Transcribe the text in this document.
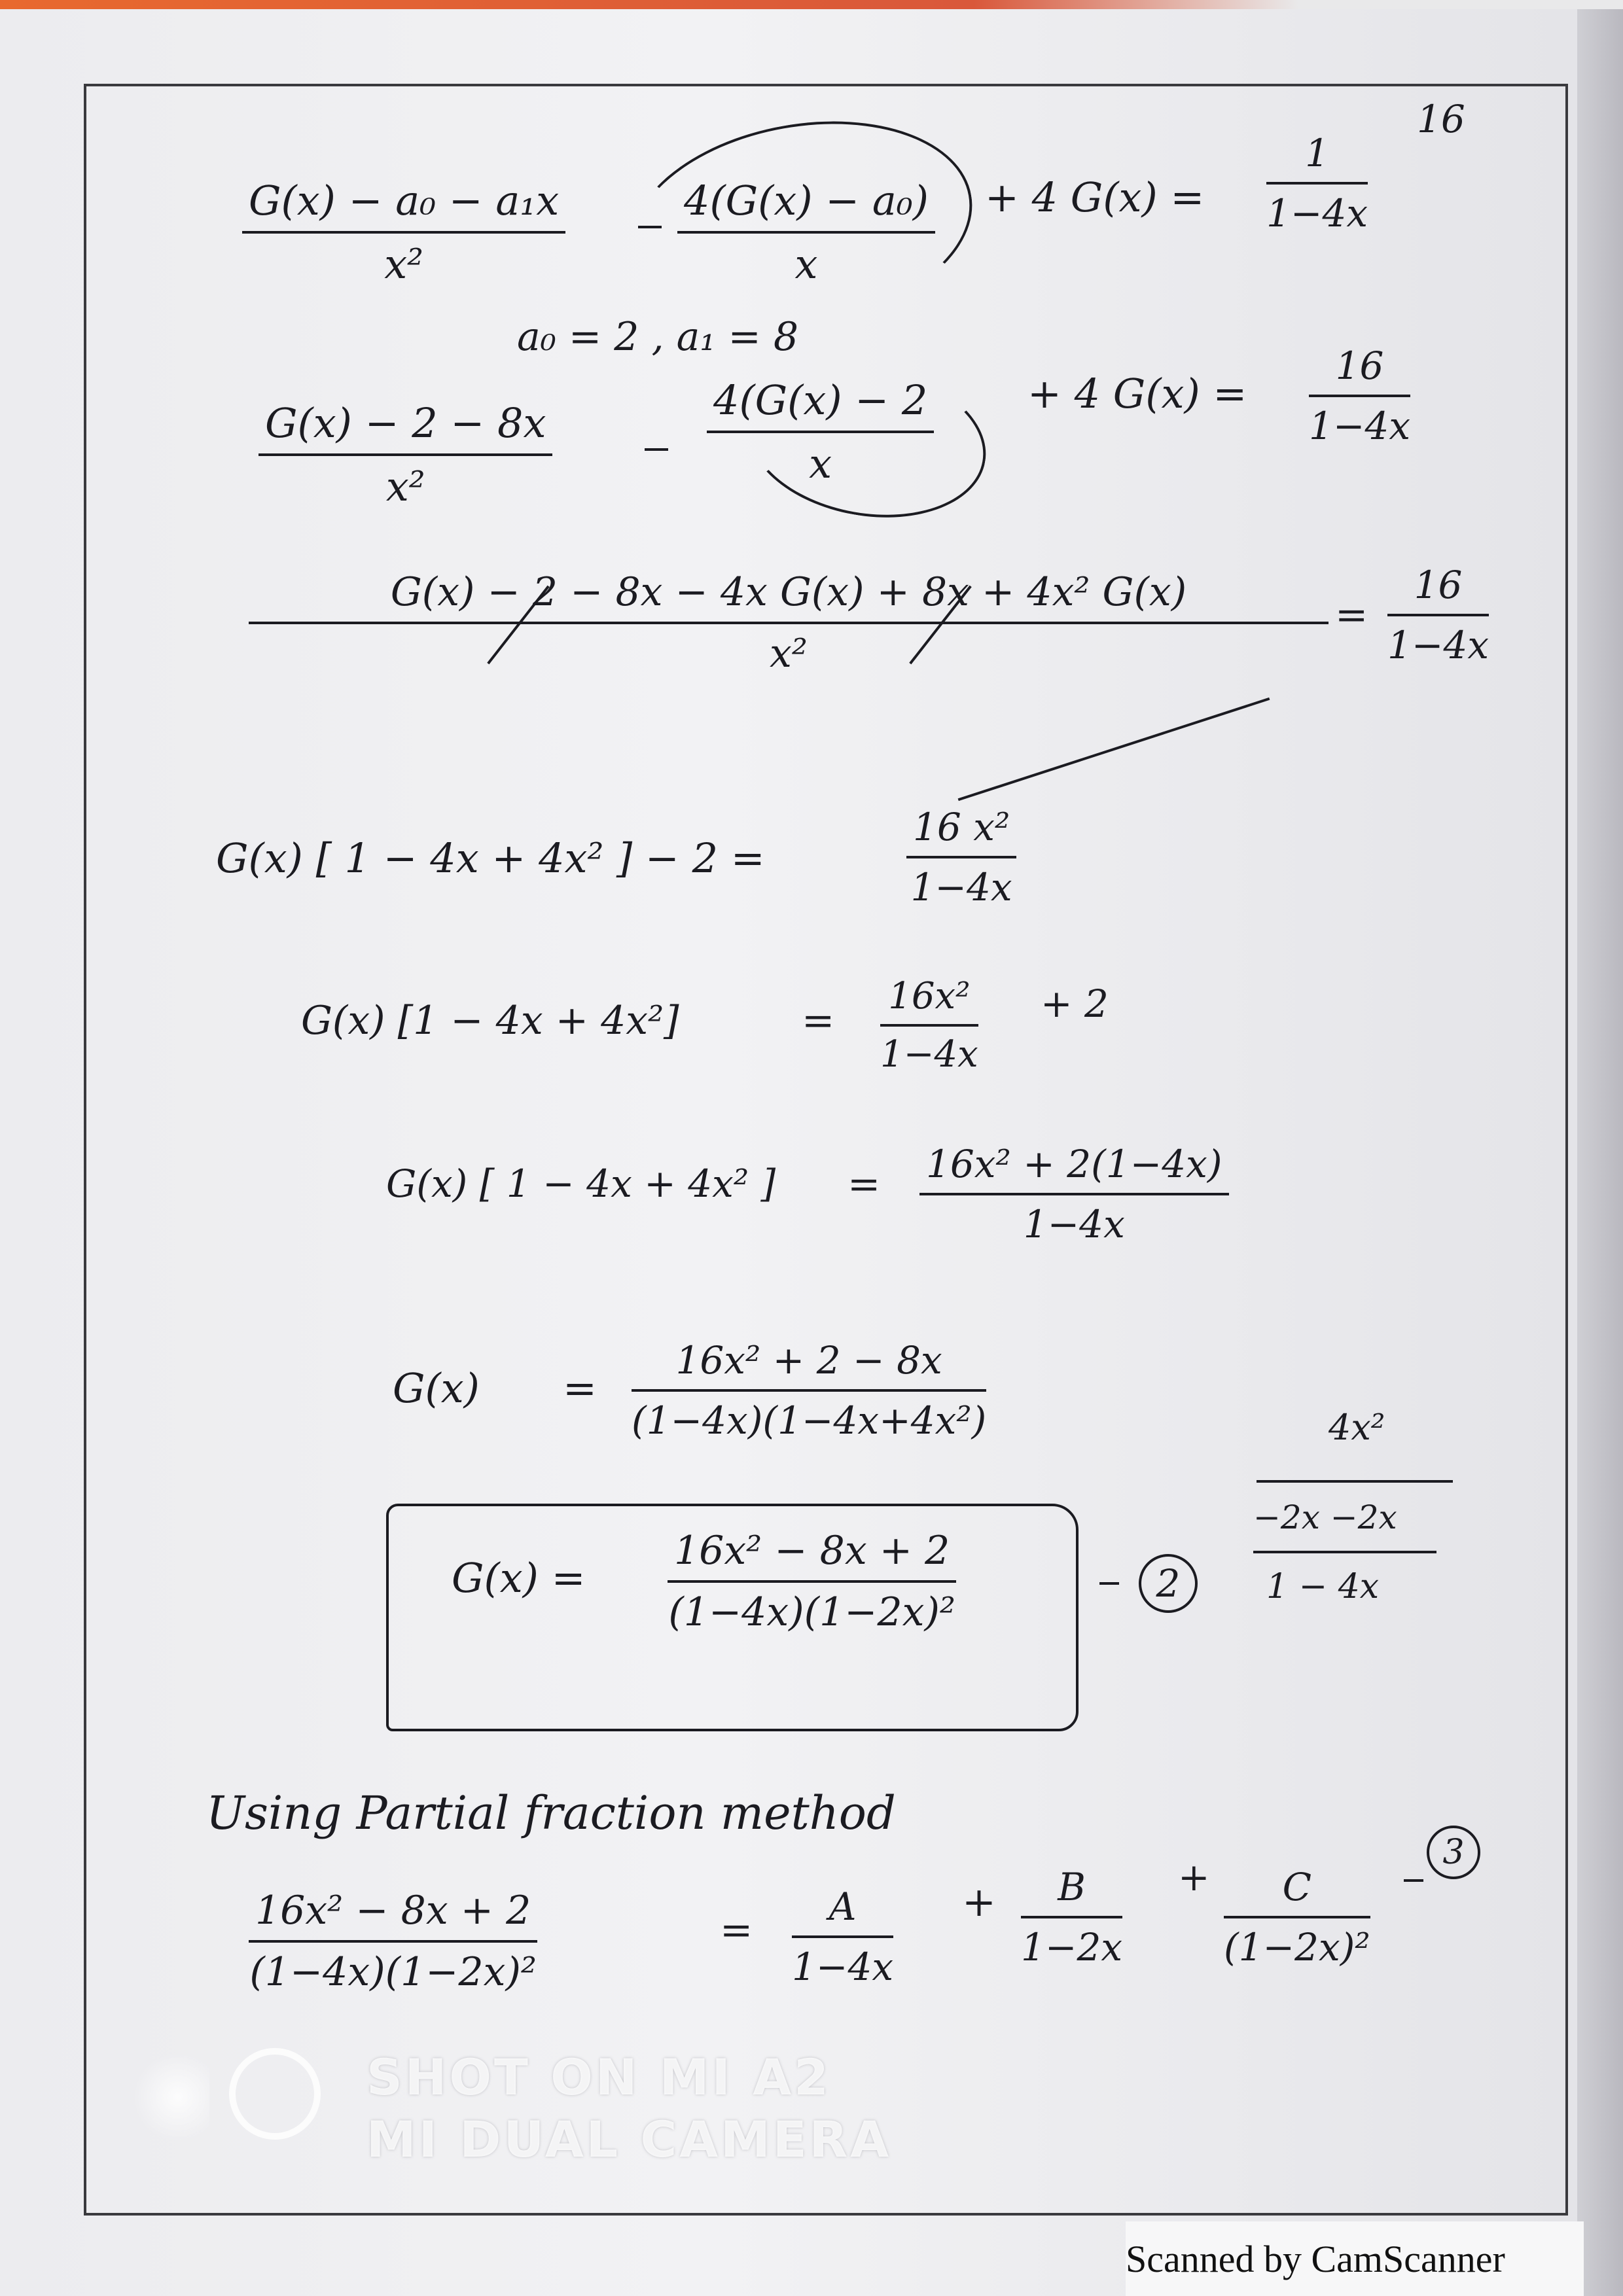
16
G(x) − a₀ − a₁x
x²
4(G(x) − a₀)
x
+ 4 G(x) =
1
1−4x
a₀ = 2 , a₁ = 8
G(x) − 2 − 8x
x²
4(G(x) − 2
x
+ 4 G(x) =
16
1−4x
G(x) − 2 − 8x − 4x G(x) + 8x + 4x² G(x)
x²
=
16
1−4x
G(x) [ 1 − 4x + 4x² ] − 2 =
16 x²
1−4x
G(x) [1 − 4x + 4x²]	=
16x²
1−4x
+ 2
G(x) [ 1 − 4x + 4x² ] = 16x² + 2(1−4x)
1−4x
G(x) =
16x² + 2 − 8x
(1−4x)(1−4x+4x²)
G(x) =
16x² − 8x + 2
(1−4x)(1−2x)²
2
4x²
−2x −2x
1 − 4x
Using Partial fraction method
16x² − 8x + 2
(1−4x)(1−2x)²
=
A
1−4x
+ B
1−2x
+ C
(1−2x)²
3
SHOT ON MI A2
MI DUAL CAMERA
Scanned by CamScanner
